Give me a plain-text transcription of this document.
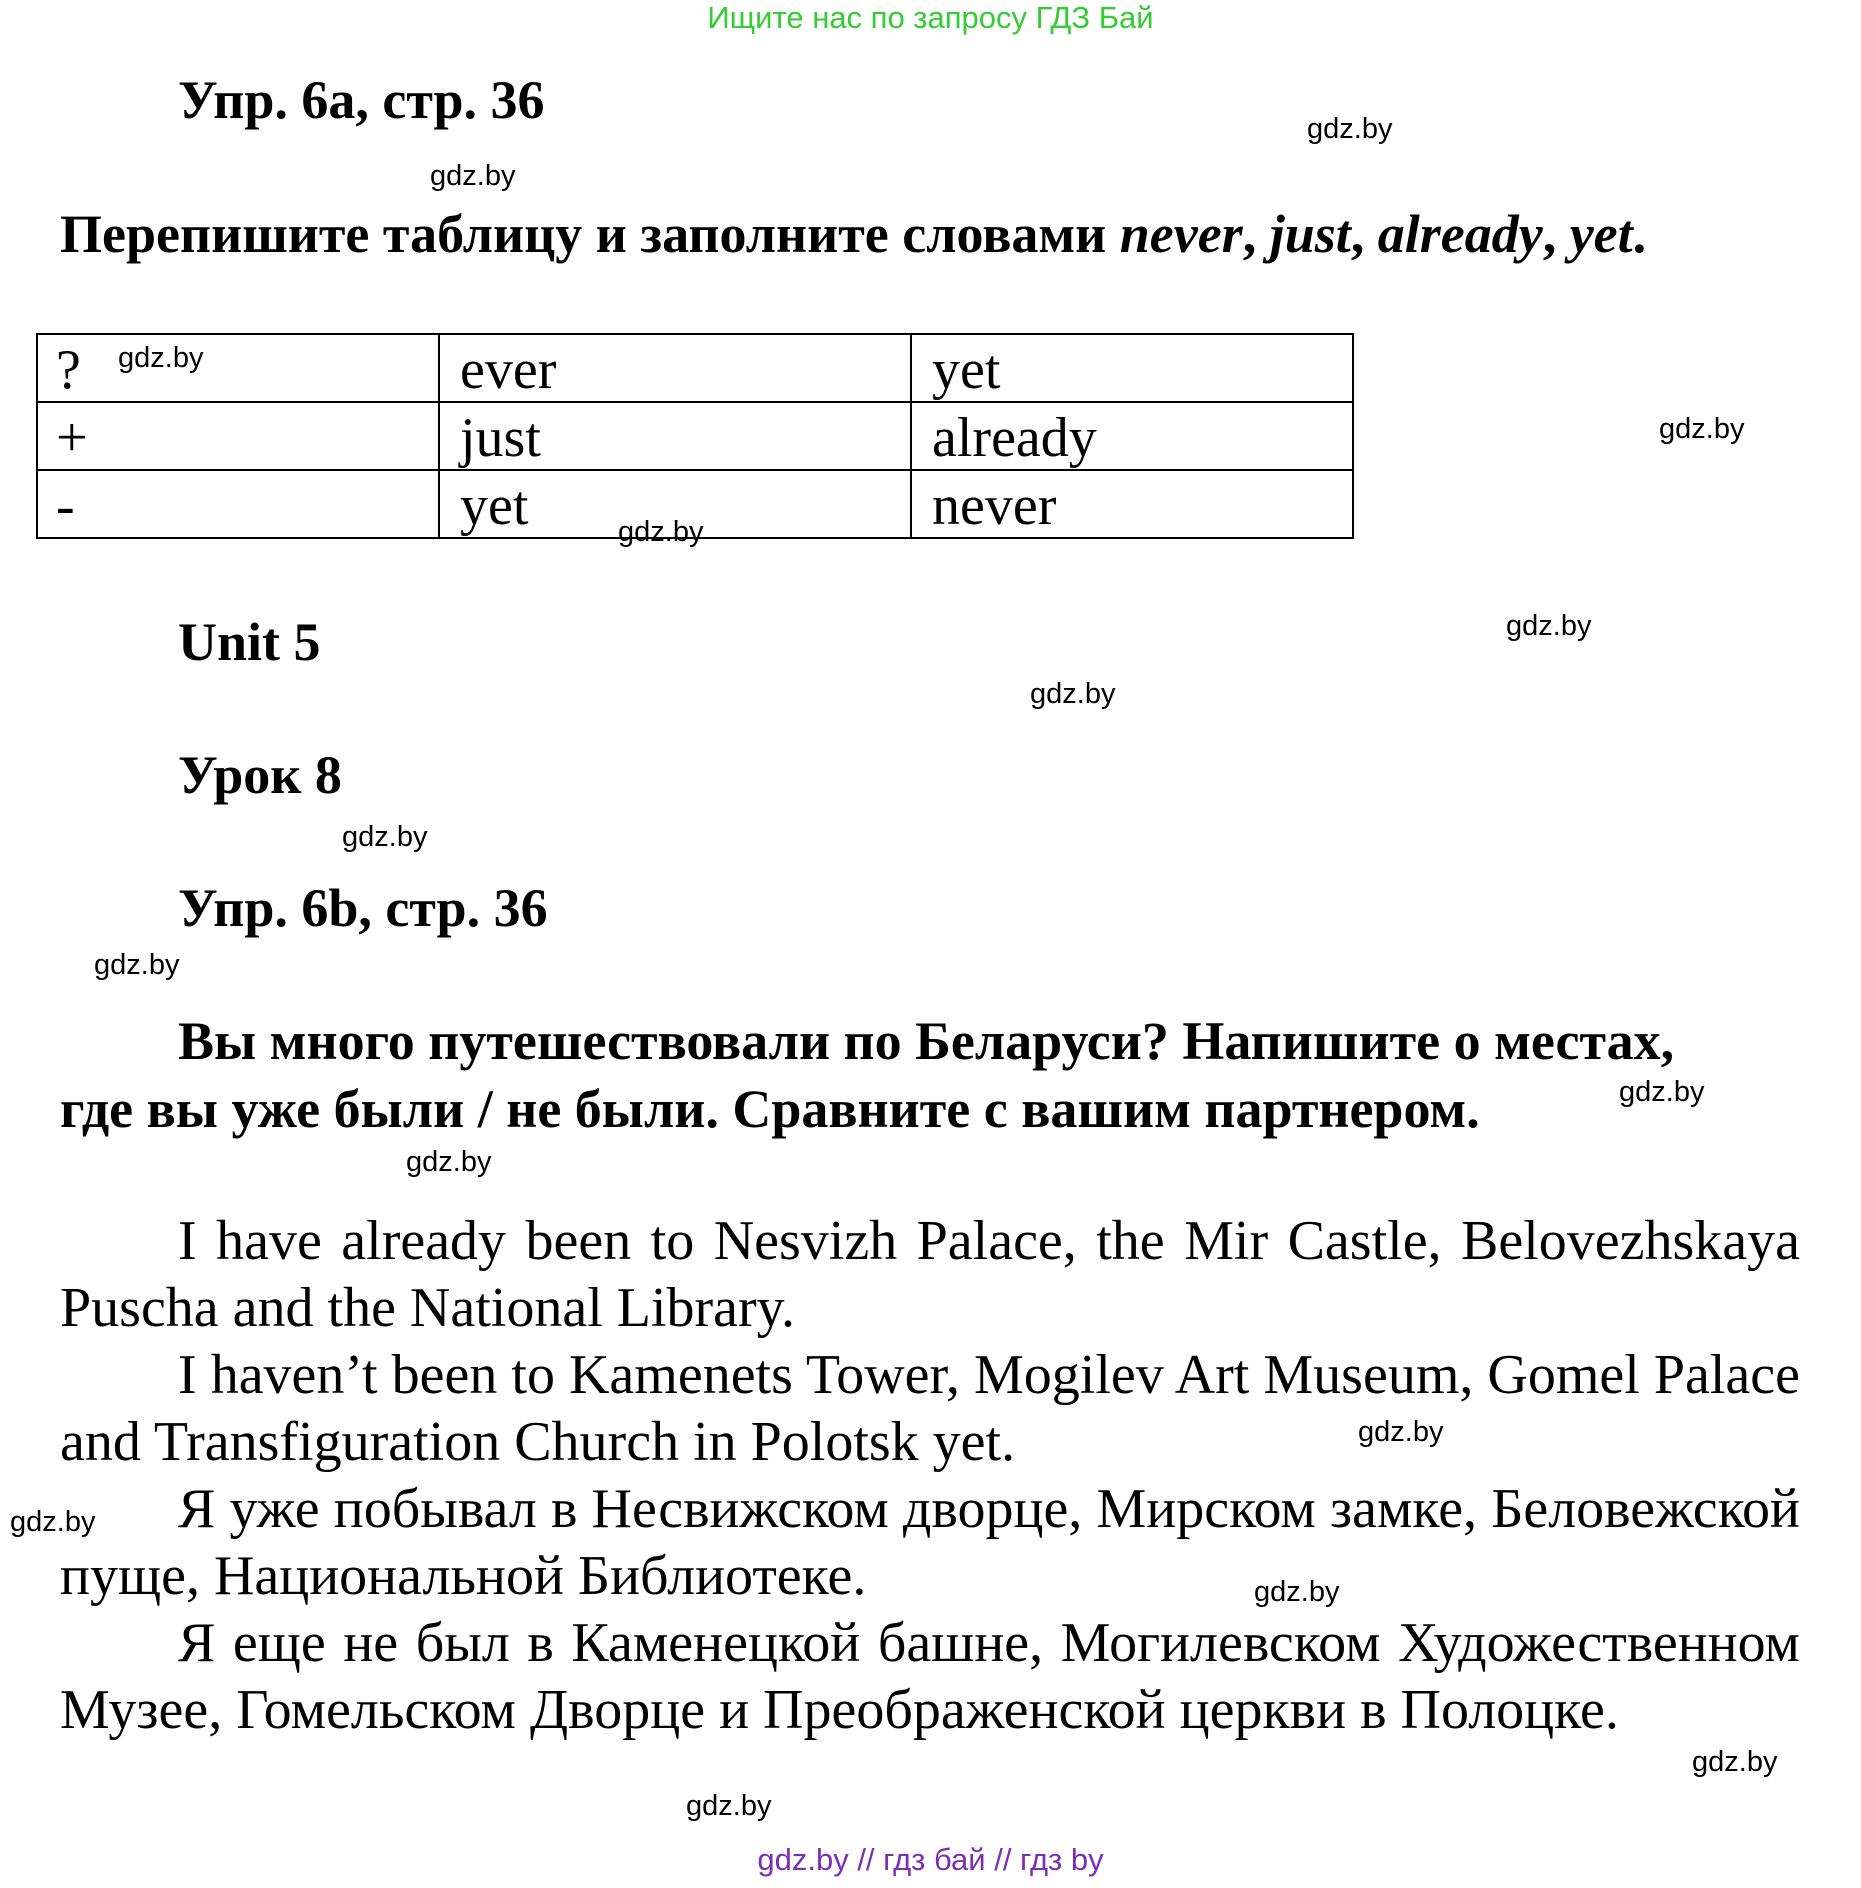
Ищите нас по запросу ГДЗ Бай
Упр. 6а, стр. 36
Перепишите таблицу и заполните словами never, just, already, yet.
?	ever	yet
+	just	already
-	yet	never
Unit 5
Урок 8
Упр. 6b, стр. 36
Вы много путешествовали по Беларуси? Напишите о местах,
где вы уже были / не были. Сравните с вашим партнером.
I have already been to Nesvizh Palace, the Mir Castle, Belovezhskaya Puscha and the National Library.
I haven’t been to Kamenets Tower, Mogilev Art Museum, Gomel Palace and Transfiguration Church in Polotsk yet.
Я уже побывал в Несвижском дворце, Мирском замке, Беловежской пуще, Национальной Библиотеке.
Я еще не был в Каменецкой башне, Могилевском Художественном Музее, Гомельском Дворце и Преображенской церкви в Полоцке.
gdz.by
gdz.by
gdz.by
gdz.by
gdz.by
gdz.by
gdz.by
gdz.by
gdz.by
gdz.by
gdz.by
gdz.by
gdz.by
gdz.by
gdz.by
gdz.by
gdz.by // гдз бай // гдз by
